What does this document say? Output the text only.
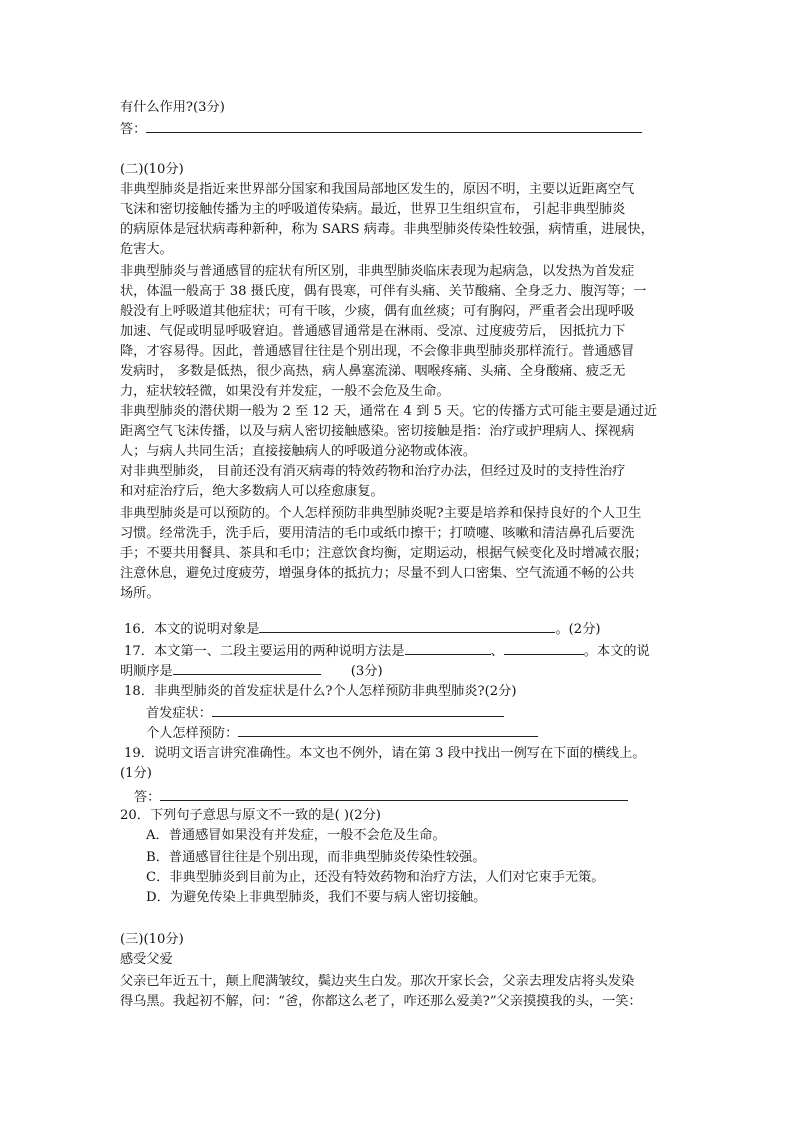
有什么作用?(3分)
答：
(二)(10分)
非典型肺炎是指近来世界部分国家和我国局部地区发生的，原因不明，主要以近距离空气
飞沫和密切接触传播为主的呼吸道传染病。最近，世界卫生组织宣布， 引起非典型肺炎
的病原体是冠状病毒种新种，称为 SARS 病毒。非典型肺炎传染性较强，病情重，进展快，
危害大。
非典型肺炎与普通感冒的症状有所区别，非典型肺炎临床表现为起病急，以发热为首发症
状，体温一般高于 38 摄氏度，偶有畏寒，可伴有头痛、关节酸痛、全身乏力、腹泻等；一
般没有上呼吸道其他症状；可有干咳，少痰，偶有血丝痰；可有胸闷，严重者会出现呼吸
加速、气促或明显呼吸窘迫。普通感冒通常是在淋雨、受凉、过度疲劳后， 因抵抗力下
降，才容易得。因此，普通感冒往往是个别出现，不会像非典型肺炎那样流行。普通感冒
发病时， 多数是低热，很少高热，病人鼻塞流涕、咽喉疼痛、头痛、全身酸痛、疲乏无
力，症状较轻微，如果没有并发症，一般不会危及生命。
非典型肺炎的潜伏期一般为 2 至 12 天，通常在 4 到 5 天。它的传播方式可能主要是通过近
距离空气飞沫传播，以及与病人密切接触感染。密切接触是指：治疗或护理病人、探视病
人；与病人共同生活；直接接触病人的呼吸道分泌物或体液。
对非典型肺炎， 目前还没有消灭病毒的特效药物和治疗办法，但经过及时的支持性治疗
和对症治疗后，绝大多数病人可以痊愈康复。
非典型肺炎是可以预防的。个人怎样预防非典型肺炎呢?主要是培养和保持良好的个人卫生
习惯。经常洗手，洗手后，要用清洁的毛巾或纸巾擦干；打喷嚏、咳嗽和清洁鼻孔后要洗
手；不要共用餐具、茶具和毛巾；注意饮食均衡，定期运动，根据气候变化及时增减衣服；
注意休息，避免过度疲劳，增强身体的抵抗力；尽量不到人口密集、空气流通不畅的公共
场所。
16．本文的说明对象是	。(2分)
17．本文第一、二段主要运用的两种说明方法是	、	。本文的说
明顺序是	(3分)
18．非典型肺炎的首发症状是什么?个人怎样预防非典型肺炎?(2分)
首发症状：
个人怎样预防：
19．说明文语言讲究准确性。本文也不例外，请在第 3 段中找出一例写在下面的横线上。
(1分)
答：
20．下列句子意思与原文不一致的是( )(2分)
A．普通感冒如果没有并发症，一般不会危及生命。
B．普通感冒往往是个别出现，而非典型肺炎传染性较强。
C．非典型肺炎到目前为止，还没有特效药物和治疗方法，人们对它束手无策。
D．为避免传染上非典型肺炎，我们不要与病人密切接触。
(三)(10分)
感受父爱
父亲已年近五十，颠上爬满皱纹，鬓边夹生白发。那次开家长会，父亲去理发店将头发染
得乌黑。我起初不解，问：“爸，你都这么老了，咋还那么爱美?”父亲摸摸我的头，一笑：
